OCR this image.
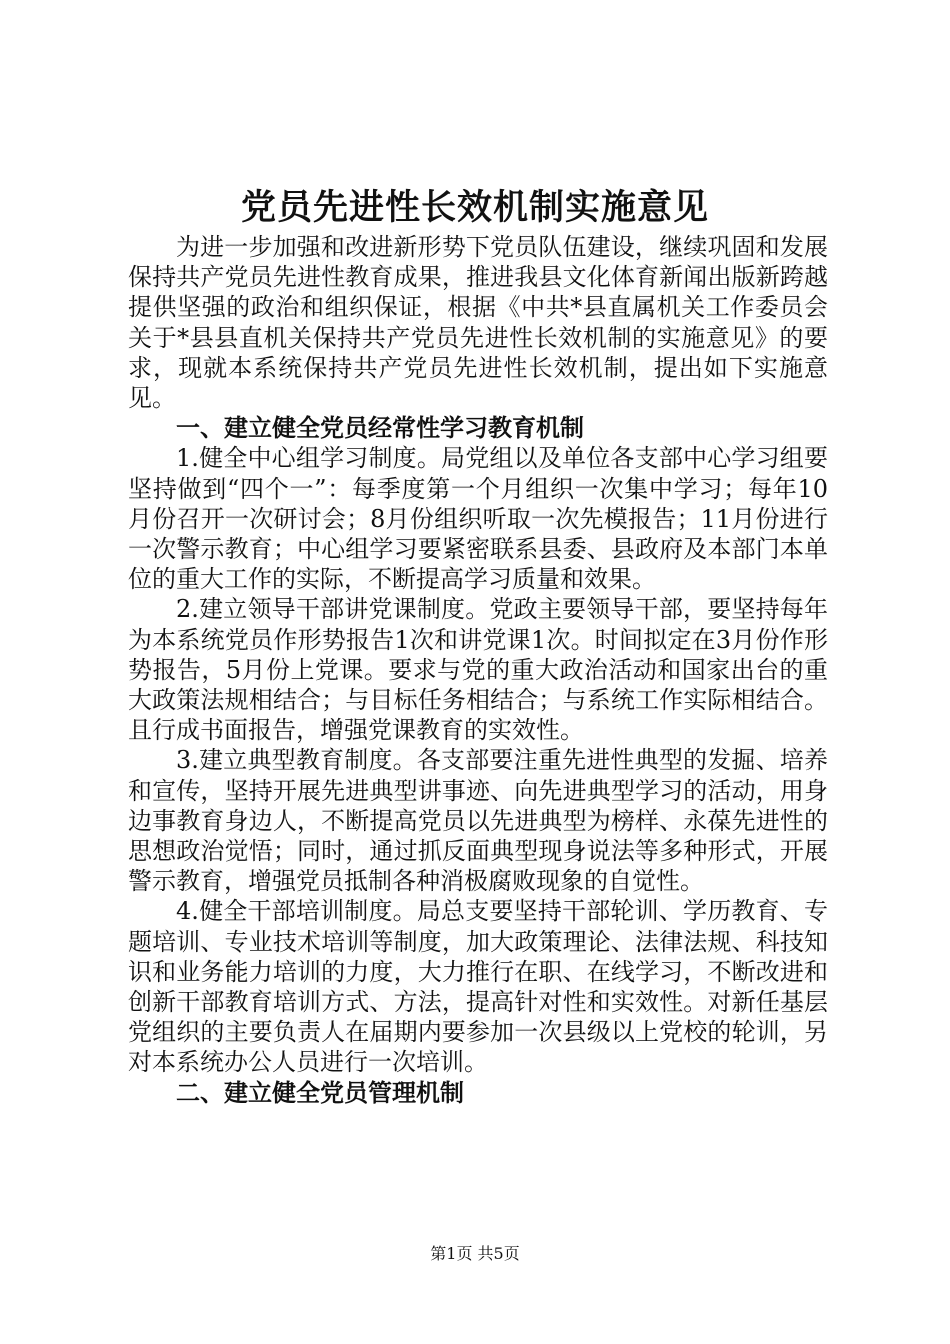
党员先进性长效机制实施意见

为进一步加强和改进新形势下党员队伍建设，继续巩固和发展保持共产党员先进性教育成果，推进我县文化体育新闻出版新跨越提供坚强的政治和组织保证，根据《中共*县直属机关工作委员会关于*县县直机关保持共产党员先进性长效机制的实施意见》的要求，现就本系统保持共产党员先进性长效机制，提出如下实施意见。

一、建立健全党员经常性学习教育机制

1.健全中心组学习制度。局党组以及单位各支部中心学习组要坚持做到“四个一”：每季度第一个月组织一次集中学习；每年10月份召开一次研讨会；8月份组织听取一次先模报告；11月份进行一次警示教育；中心组学习要紧密联系县委、县政府及本部门本单位的重大工作的实际，不断提高学习质量和效果。

2.建立领导干部讲党课制度。党政主要领导干部，要坚持每年为本系统党员作形势报告1次和讲党课1次。时间拟定在3月份作形势报告，5月份上党课。要求与党的重大政治活动和国家出台的重大政策法规相结合；与目标任务相结合；与系统工作实际相结合。且行成书面报告，增强党课教育的实效性。

3.建立典型教育制度。各支部要注重先进性典型的发掘、培养和宣传，坚持开展先进典型讲事迹、向先进典型学习的活动，用身边事教育身边人，不断提高党员以先进典型为榜样、永葆先进性的思想政治觉悟；同时，通过抓反面典型现身说法等多种形式，开展警示教育，增强党员抵制各种消极腐败现象的自觉性。

4.健全干部培训制度。局总支要坚持干部轮训、学历教育、专题培训、专业技术培训等制度，加大政策理论、法律法规、科技知识和业务能力培训的力度，大力推行在职、在线学习，不断改进和创新干部教育培训方式、方法，提高针对性和实效性。对新任基层党组织的主要负责人在届期内要参加一次县级以上党校的轮训，另对本系统办公人员进行一次培训。

二、建立健全党员管理机制

第1页 共5页
